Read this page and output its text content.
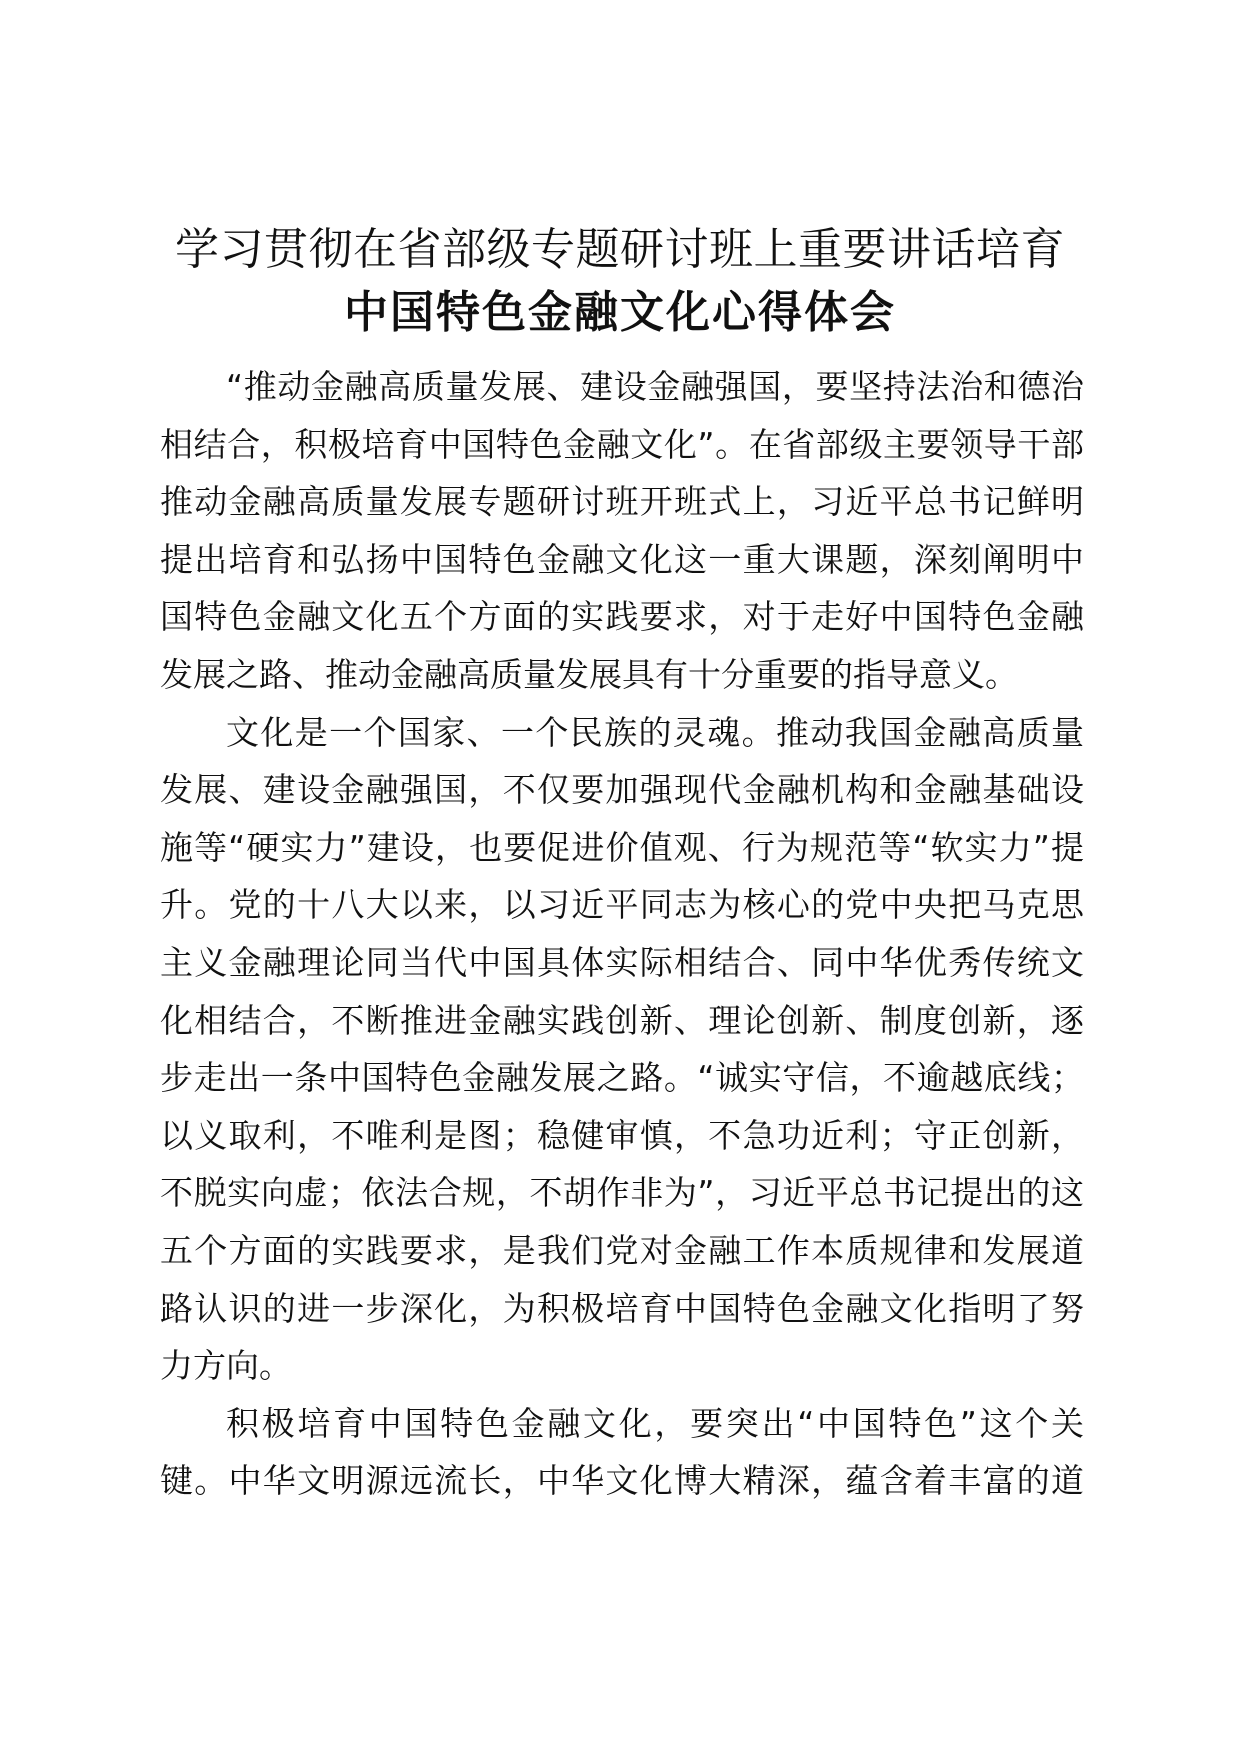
学习贯彻在省部级专题研讨班上重要讲话培育
中国特色金融文化心得体会

“推动金融高质量发展、建设金融强国，要坚持法治和德治
相结合，积极培育中国特色金融文化”。在省部级主要领导干部
推动金融高质量发展专题研讨班开班式上，习近平总书记鲜明
提出培育和弘扬中国特色金融文化这一重大课题，深刻阐明中
国特色金融文化五个方面的实践要求，对于走好中国特色金融
发展之路、推动金融高质量发展具有十分重要的指导意义。

文化是一个国家、一个民族的灵魂。推动我国金融高质量
发展、建设金融强国，不仅要加强现代金融机构和金融基础设
施等“硬实力”建设，也要促进价值观、行为规范等“软实力”提
升。党的十八大以来，以习近平同志为核心的党中央把马克思
主义金融理论同当代中国具体实际相结合、同中华优秀传统文
化相结合，不断推进金融实践创新、理论创新、制度创新，逐
步走出一条中国特色金融发展之路。“诚实守信，不逾越底线；
以义取利，不唯利是图；稳健审慎，不急功近利；守正创新，
不脱实向虚；依法合规，不胡作非为”，习近平总书记提出的这
五个方面的实践要求，是我们党对金融工作本质规律和发展道
路认识的进一步深化，为积极培育中国特色金融文化指明了努
力方向。

积极培育中国特色金融文化，要突出“中国特色”这个关
键。中华文明源远流长，中华文化博大精深，蕴含着丰富的道
